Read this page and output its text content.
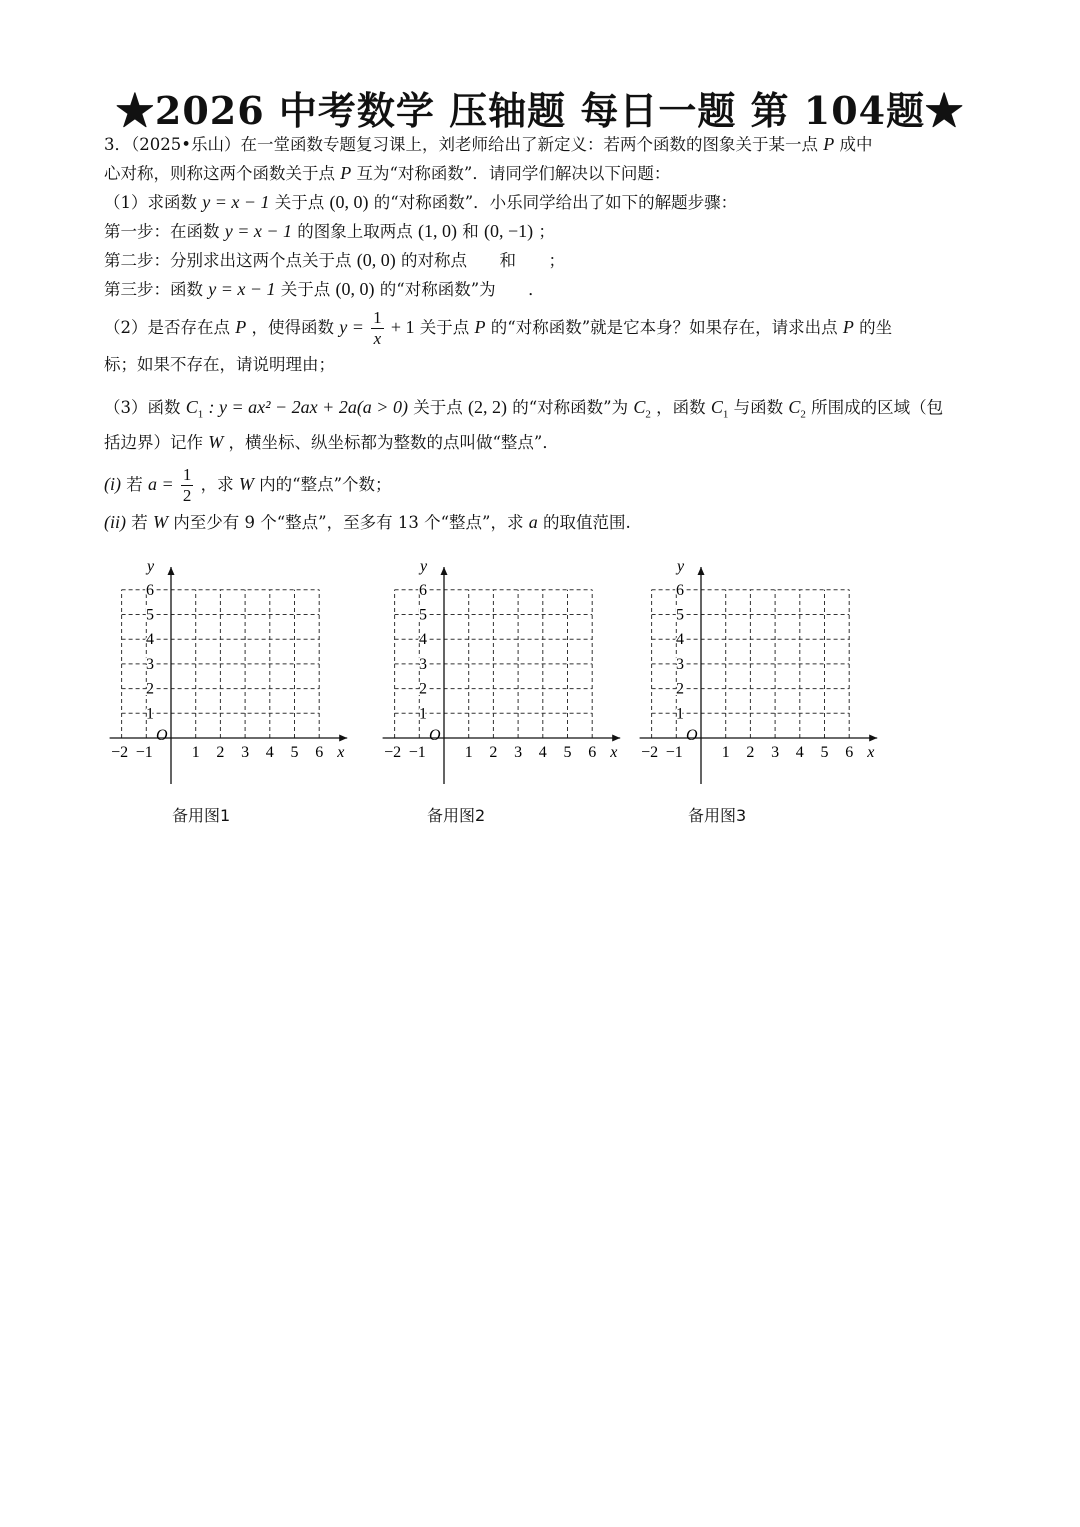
★2026 中考数学 压轴题 每日一题 第 104题★
3．（2025•乐山）在一堂函数专题复习课上，刘老师给出了新定义：若两个函数的图象关于某一点 P 成中
心对称，则称这两个函数关于点 P 互为“对称函数”．请同学们解决以下问题：
（1）求函数 y = x − 1 关于点 (0, 0) 的“对称函数”．小乐同学给出了如下的解题步骤：
第一步：在函数 y = x − 1 的图象上取两点 (1, 0) 和 (0, −1) ；
第二步：分别求出这两个点关于点 (0, 0) 的对称点 和 ；
第三步：函数 y = x − 1 关于点 (0, 0) 的“对称函数”为 ．
（2）是否存在点 P ，使得函数 $y = \frac{1}{x} + 1$ 关于点 P 的“对称函数”就是它本身？如果存在，请求出点 P 的坐
标；如果不存在，请说明理由；
（3）函数 $C_1$ : y = ax² − 2ax + 2a(a > 0) 关于点 (2, 2) 的“对称函数”为 $C_2$ ，函数 $C_1$ 与函数 $C_2$ 所围成的区域（包
括边界）记作 W ，横坐标、纵坐标都为整数的点叫做“整点”．
(i) 若 $a = \frac{1}{2}$ ，求 W 内的“整点”个数；
(ii) 若 W 内至少有 9 个“整点”，至多有 13 个“整点”，求 a 的取值范围.
x
y
O
−2 −1 1 2 3 4 5 6
1
2
3
4
5
6
x
y
O
−2 −1 1 2 3 4 5 6
1
2
3
4
5
6
x
y
O
−2 −1 1 2 3 4 5 6
1
2
3
4
5
6
备用图1	备用图2	备用图3
